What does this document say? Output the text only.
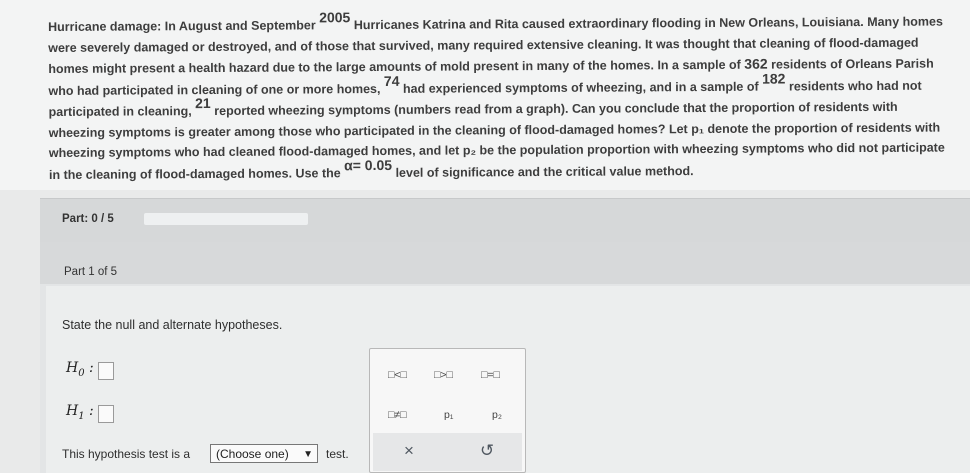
Hurricane damage: In August and September 2005 Hurricanes Katrina and Rita caused extraordinary flooding in New Orleans, Louisiana. Many homes were severely damaged or destroyed, and of those that survived, many required extensive cleaning. It was thought that cleaning of flood-damaged homes might present a health hazard due to the large amounts of mold present in many of the homes. In a sample of 362 residents of Orleans Parish who had participated in cleaning of one or more homes, 74 had experienced symptoms of wheezing, and in a sample of 182 residents who had not participated in cleaning, 21 reported wheezing symptoms (numbers read from a graph). Can you conclude that the proportion of residents with wheezing symptoms is greater among those who participated in the cleaning of flood-damaged homes? Let p₁ denote the proportion of residents with wheezing symptoms who had cleaned flood-damaged homes, and let p₂ be the population proportion with wheezing symptoms who did not participate in the cleaning of flood-damaged homes. Use the α= 0.05 level of significance and the critical value method.
Part: 0 / 5
Part 1 of 5
State the null and alternate hypotheses.
$H_0$ :
$H_1$ :
This hypothesis test is a	(Choose one) ▼ test.
□<□	□>□	□=□
□≠□	p₁	p₂
×	↺
